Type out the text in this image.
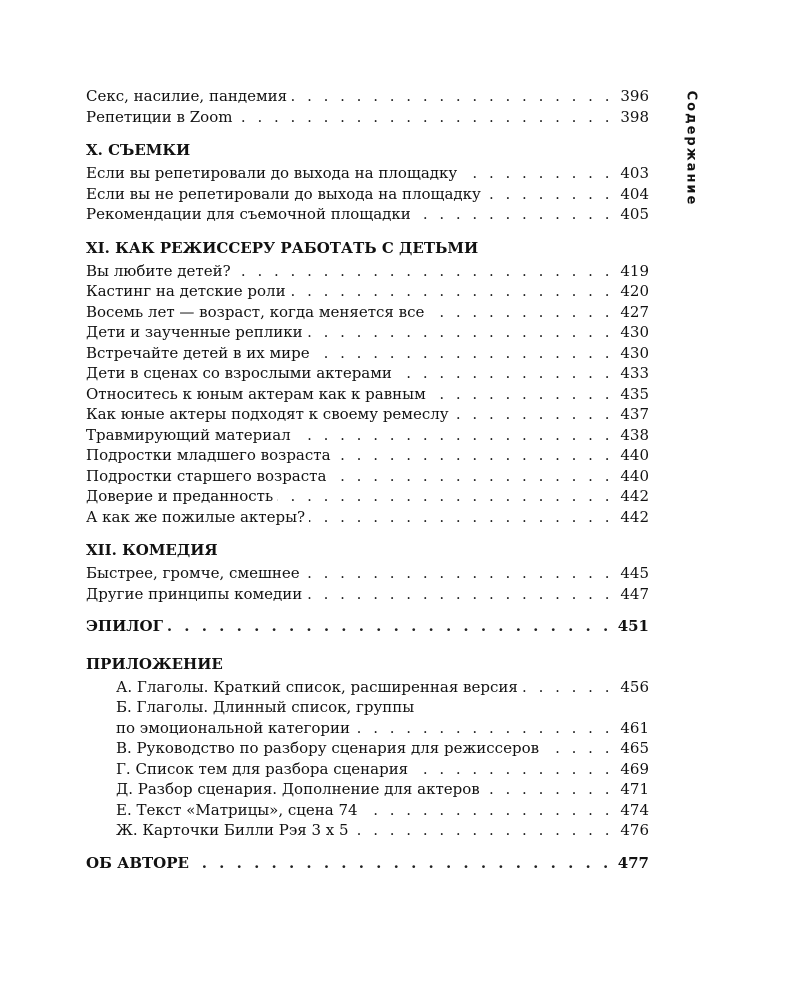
Содержание
Секс, насилие, пандемия . . .	396
Репетиции в Zoom . . .	398
X. СЪЕМКИ
Если вы репетировали до выхода на площадку . . .	403
Если вы не репетировали до выхода на площадку . . .	404
Рекомендации для съемочной площадки . . .	405
XI. КАК РЕЖИССЕРУ РАБОТАТЬ С ДЕТЬМИ
Вы любите детей? . . .	419
Кастинг на детские роли . . .	420
Восемь лет — возраст, когда меняется все . . .	427
Дети и заученные реплики . . .	430
Встречайте детей в их мире . . .	430
Дети в сценах со взрослыми актерами . . .	433
Относитесь к юным актерам как к равным . . .	435
Как юные актеры подходят к своему ремеслу . . .	437
Травмирующий материал . . .	438
Подростки младшего возраста . . .	440
Подростки старшего возраста . . .	440
Доверие и преданность . . .	442
А как же пожилые актеры? . . .	442
XII. КОМЕДИЯ
Быстрее, громче, смешнее . . .	445
Другие принципы комедии . . .	447
ЭПИЛОГ . . .	451
ПРИЛОЖЕНИЕ
А. Глаголы. Краткий список, расширенная версия . . .	456
Б. Глаголы. Длинный список, группы
по эмоциональной категории . . .	461
В. Руководство по разбору сценария для режиссеров . . .	465
Г. Список тем для разбора сценария . . .	469
Д. Разбор сценария. Дополнение для актеров . . .	471
Е. Текст «Матрицы», сцена 74 . . .	474
Ж. Карточки Билли Рэя 3 х 5 . . .	476
ОБ АВТОРЕ . . .	477
